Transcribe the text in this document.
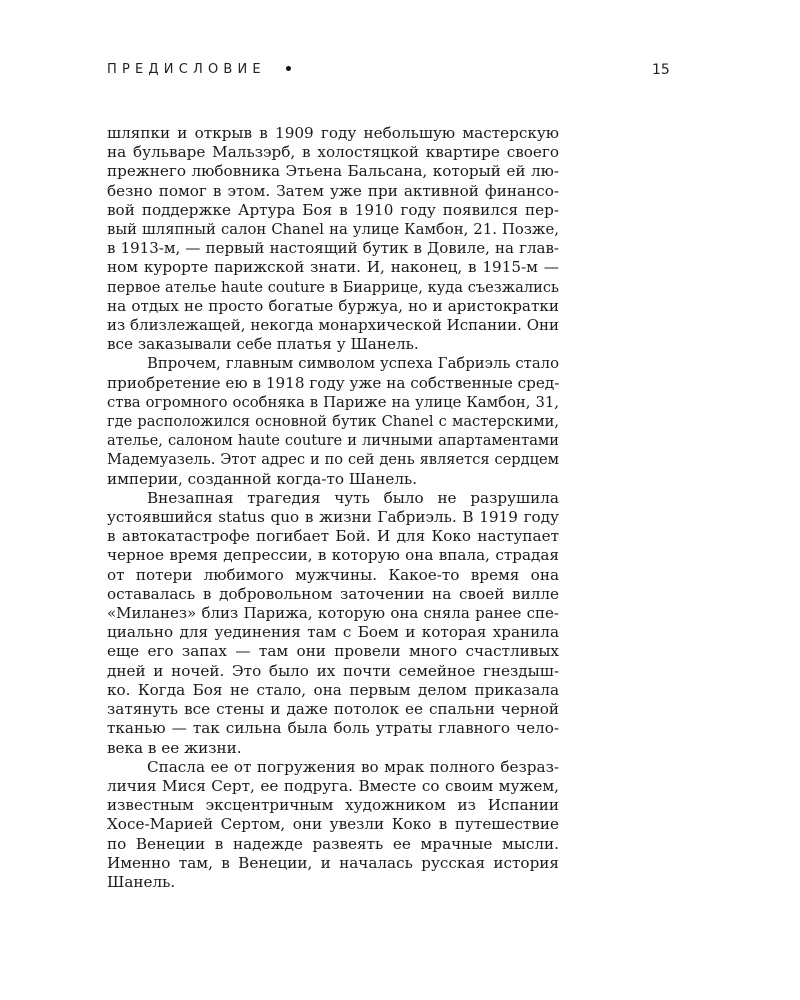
ПРЕДИСЛОВИЕ	15
шляпки и открыв в 1909 году небольшую мастерскую
на бульваре Мальзэрб, в холостяцкой квартире своего
прежнего любовника Этьена Бальсана, который ей лю-
безно помог в этом. Затем уже при активной финансо-
вой поддержке Артура Боя в 1910 году появился пер-
вый шляпный салон Chanel на улице Камбон, 21. Позже,
в 1913-м, — первый настоящий бутик в Довиле, на глав-
ном курорте парижской знати. И, наконец, в 1915-м —
первое ателье haute couture в Биаррице, куда съезжались
на отдых не просто богатые буржуа, но и аристократки
из близлежащей, некогда монархической Испании. Они
все заказывали себе платья у Шанель.
Впрочем, главным символом успеха Габриэль стало
приобретение ею в 1918 году уже на собственные сред-
ства огромного особняка в Париже на улице Камбон, 31,
где расположился основной бутик Chanel с мастерскими,
ателье, салоном haute couture и личными апартаментами
Мадемуазель. Этот адрес и по сей день является сердцем
империи, созданной когда-то Шанель.
Внезапная трагедия чуть было не разрушила
устоявшийся status quo в жизни Габриэль. В 1919 году
в автокатастрофе погибает Бой. И для Коко наступает
черное время депрессии, в которую она впала, страдая
от потери любимого мужчины. Какое-то время она
оставалась в добровольном заточении на своей вилле
«Миланез» близ Парижа, которую она сняла ранее спе-
циально для уединения там с Боем и которая хранила
еще его запах — там они провели много счастливых
дней и ночей. Это было их почти семейное гнездыш-
ко. Когда Боя не стало, она первым делом приказала
затянуть все стены и даже потолок ее спальни черной
тканью — так сильна была боль утраты главного чело-
века в ее жизни.
Спасла ее от погружения во мрак полного безраз-
личия Мися Серт, ее подруга. Вместе со своим мужем,
известным эксцентричным художником из Испании
Хосе-Марией Сертом, они увезли Коко в путешествие
по Венеции в надежде развеять ее мрачные мысли.
Именно там, в Венеции, и началась русская история
Шанель.
